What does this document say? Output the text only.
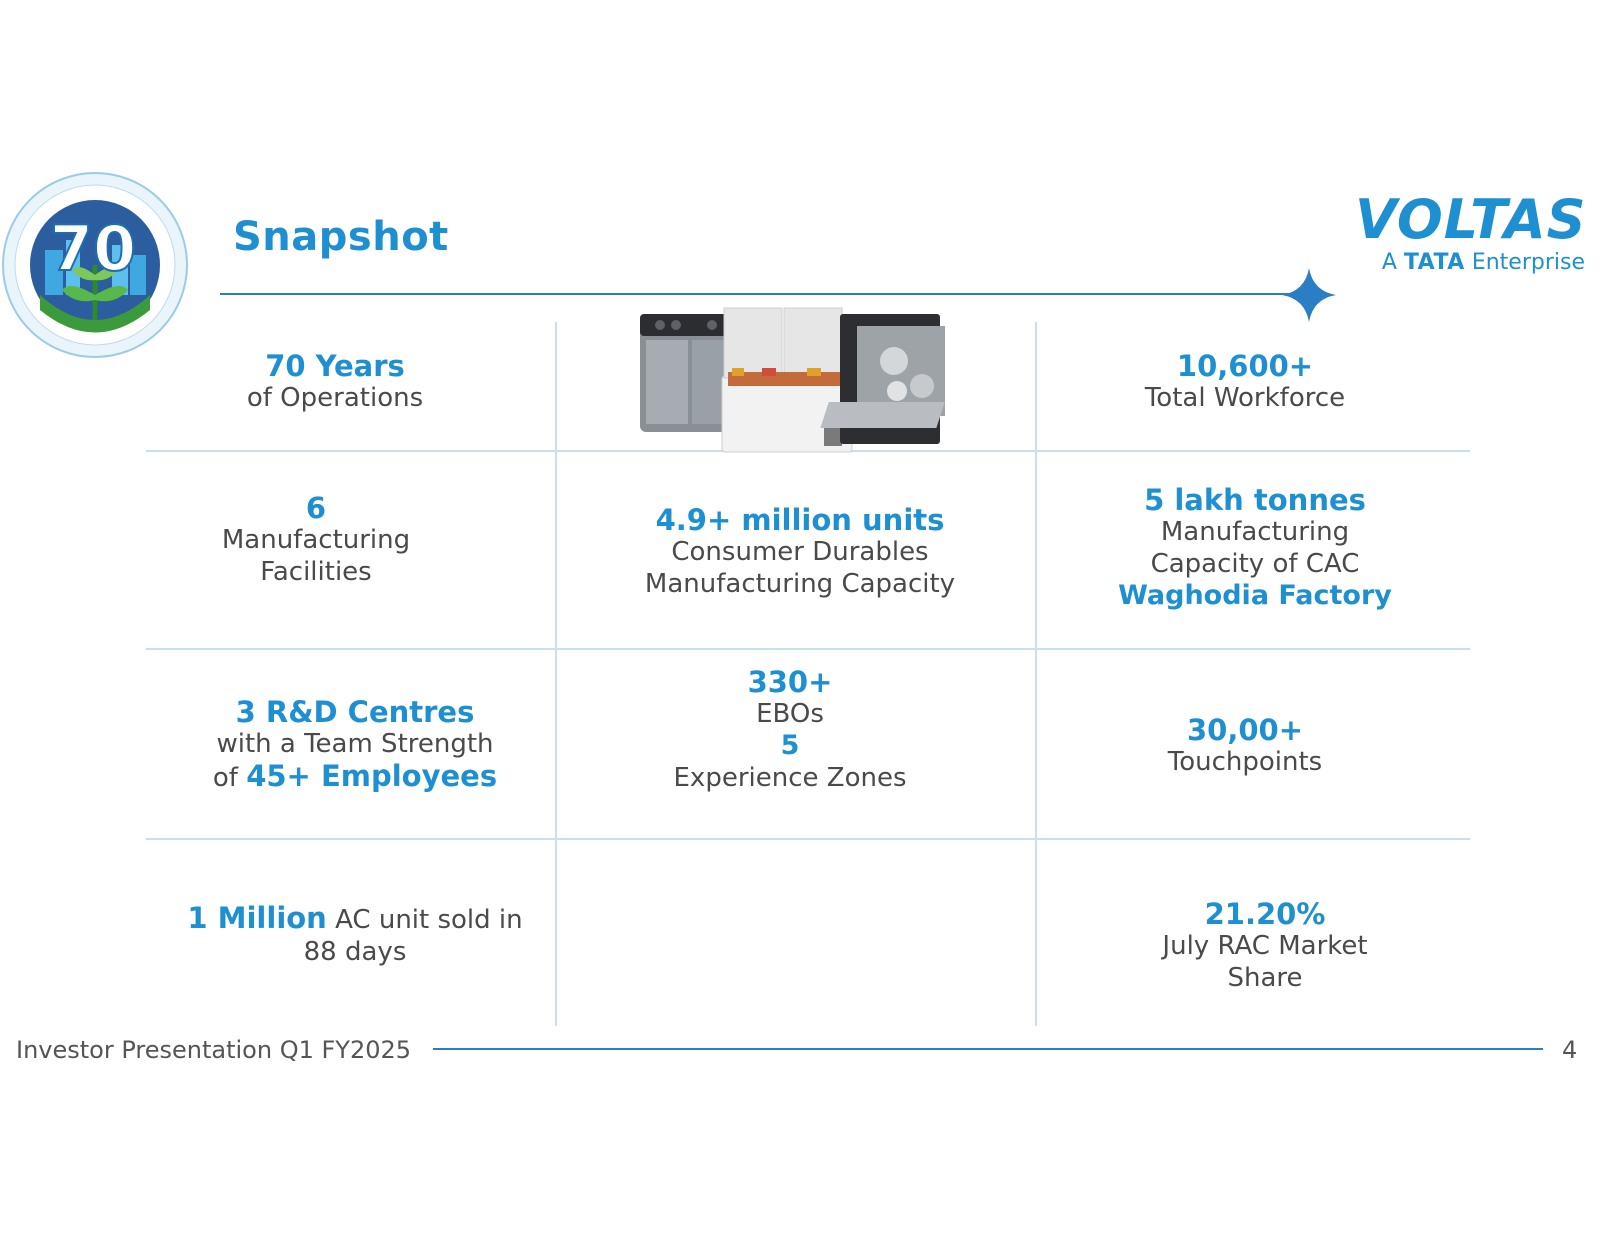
70 Snapshot	VOLTAS
A TATA Enterprise
70 Years
of Operations
10,600+
Total Workforce
6
Manufacturing
Facilities
4.9+ million units
Consumer Durables
Manufacturing Capacity
5 lakh tonnes
Manufacturing
Capacity of CAC
Waghodia Factory
3 R&D Centres
with a Team Strength
of 45+ Employees
330+
EBOs
5
Experience Zones
30,00+
Touchpoints
1 Million AC unit sold in
88 days
21.20%
July RAC Market
Share
Investor Presentation Q1 FY2025	4
